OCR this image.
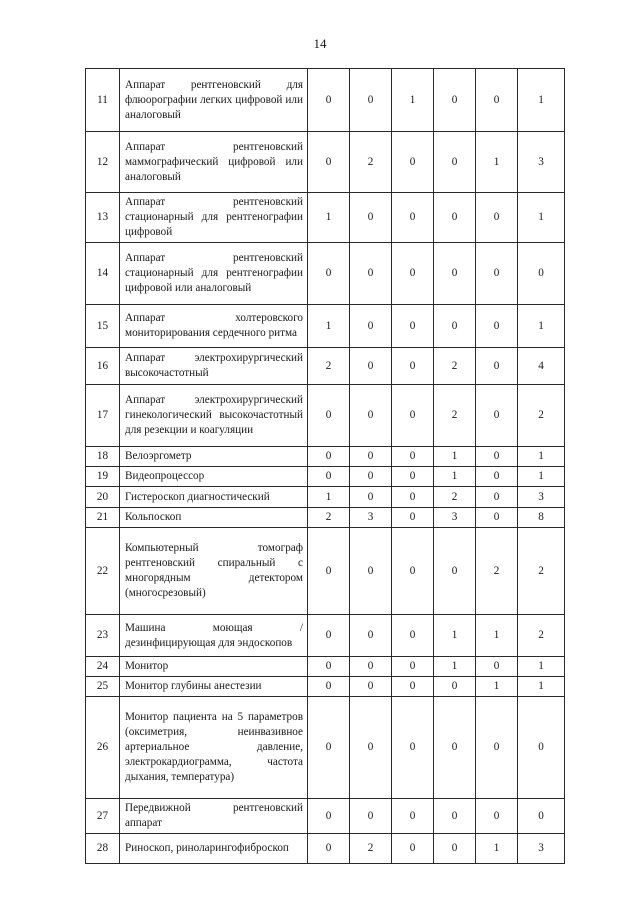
14
11	Аппарат рентгеновский для флюорографии легких цифровой или аналоговый	0	0	1	0	0	1
12	Аппарат рентгеновский маммографический цифровой или аналоговый	0	2	0	0	1	3
13	Аппарат рентгеновский стационарный для рентгенографии цифровой	1	0	0	0	0	1
14	Аппарат рентгеновский стационарный для рентгенографии цифровой или аналоговый	0	0	0	0	0	0
15	Аппарат холтеровского мониторирования сердечного ритма	1	0	0	0	0	1
16	Аппарат электрохирургический высокочастотный	2	0	0	2	0	4
17	Аппарат электрохирургический гинекологический высокочастотный для резекции и коагуляции	0	0	0	2	0	2
18	Велоэргометр	0	0	0	1	0	1
19	Видеопроцессор	0	0	0	1	0	1
20	Гистероскоп диагностический	1	0	0	2	0	3
21	Кольпоскоп	2	3	0	3	0	8
22	Компьютерный томограф рентгеновский спиральный с многорядным детектором (многосрезовый)	0	0	0	0	2	2
23	Машина моющая / дезинфицирующая для эндоскопов	0	0	0	1	1	2
24	Монитор	0	0	0	1	0	1
25	Монитор глубины анестезии	0	0	0	0	1	1
26	Монитор пациента на 5 параметров (оксиметрия, неинвазивное артериальное давление, электрокардиограмма, частота дыхания, температура)	0	0	0	0	0	0
27	Передвижной рентгеновский аппарат	0	0	0	0	0	0
28	Риноскоп, риноларингофиброскоп	0	2	0	0	1	3
